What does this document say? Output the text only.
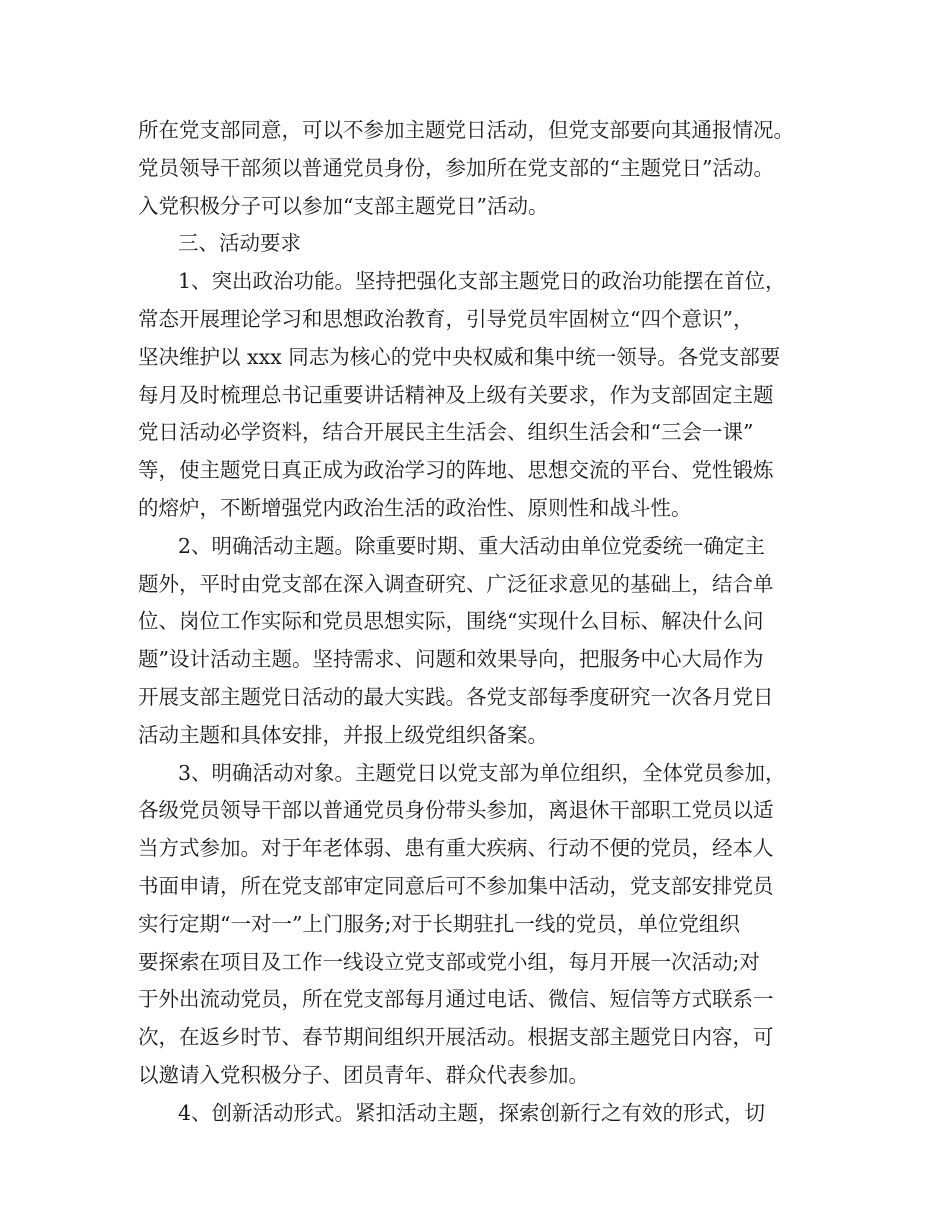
所在党支部同意，可以不参加主题党日活动，但党支部要向其通报情况。
党员领导干部须以普通党员身份，参加所在党支部的“主题党日”活动。
入党积极分子可以参加“支部主题党日”活动。
三、活动要求
1、突出政治功能。坚持把强化支部主题党日的政治功能摆在首位，
常态开展理论学习和思想政治教育，引导党员牢固树立“四个意识”，
坚决维护以 xxx 同志为核心的党中央权威和集中统一领导。各党支部要
每月及时梳理总书记重要讲话精神及上级有关要求，作为支部固定主题
党日活动必学资料，结合开展民主生活会、组织生活会和“三会一课”
等，使主题党日真正成为政治学习的阵地、思想交流的平台、党性锻炼
的熔炉，不断增强党内政治生活的政治性、原则性和战斗性。
2、明确活动主题。除重要时期、重大活动由单位党委统一确定主
题外，平时由党支部在深入调查研究、广泛征求意见的基础上，结合单
位、岗位工作实际和党员思想实际，围绕“实现什么目标、解决什么问
题”设计活动主题。坚持需求、问题和效果导向，把服务中心大局作为
开展支部主题党日活动的最大实践。各党支部每季度研究一次各月党日
活动主题和具体安排，并报上级党组织备案。
3、明确活动对象。主题党日以党支部为单位组织，全体党员参加，
各级党员领导干部以普通党员身份带头参加，离退休干部职工党员以适
当方式参加。对于年老体弱、患有重大疾病、行动不便的党员，经本人
书面申请，所在党支部审定同意后可不参加集中活动，党支部安排党员
实行定期“一对一”上门服务;对于长期驻扎一线的党员，单位党组织
要探索在项目及工作一线设立党支部或党小组，每月开展一次活动;对
于外出流动党员，所在党支部每月通过电话、微信、短信等方式联系一
次，在返乡时节、春节期间组织开展活动。根据支部主题党日内容，可
以邀请入党积极分子、团员青年、群众代表参加。
4、创新活动形式。紧扣活动主题，探索创新行之有效的形式，切
